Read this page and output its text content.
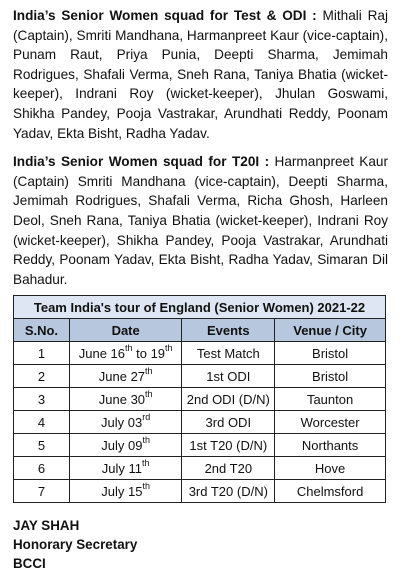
India’s Senior Women squad for Test & ODI : Mithali Raj (Captain), Smriti Mandhana, Harmanpreet Kaur (vice-captain), Punam Raut, Priya Punia, Deepti Sharma, Jemimah Rodrigues, Shafali Verma, Sneh Rana, Taniya Bhatia (wicket-keeper), Indrani Roy (wicket-keeper), Jhulan Goswami, Shikha Pandey, Pooja Vastrakar, Arundhati Reddy, Poonam Yadav, Ekta Bisht, Radha Yadav.

India’s Senior Women squad for T20I : Harmanpreet Kaur (Captain) Smriti Mandhana (vice-captain), Deepti Sharma, Jemimah Rodrigues, Shafali Verma, Richa Ghosh, Harleen Deol, Sneh Rana, Taniya Bhatia (wicket-keeper), Indrani Roy (wicket-keeper), Shikha Pandey, Pooja Vastrakar, Arundhati Reddy, Poonam Yadav, Ekta Bisht, Radha Yadav, Simaran Dil Bahadur.

Team India's tour of England (Senior Women) 2021-22			
S.No.	Date	Events	Venue / City
1	June 16th to 19th	Test Match	Bristol
2	June 27th	1st ODI	Bristol
3	June 30th	2nd ODI (D/N)	Taunton
4	July 03rd	3rd ODI	Worcester
5	July 09th	1st T20 (D/N)	Northants
6	July 11th	2nd T20	Hove
7	July 15th	3rd T20 (D/N)	Chelmsford
JAY SHAH
Honorary Secretary
BCCI
